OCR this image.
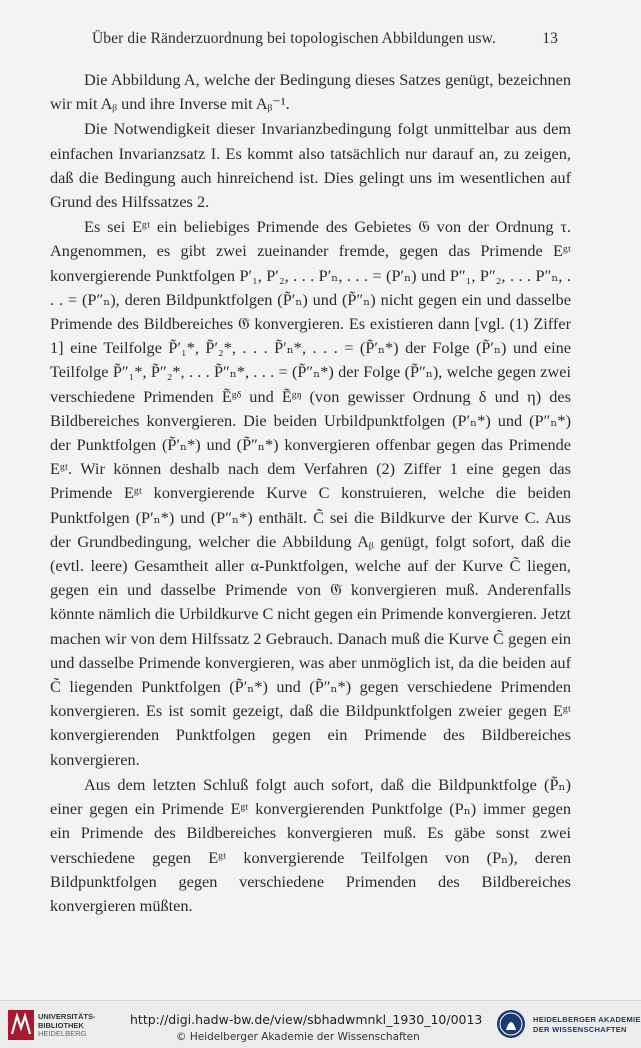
Über die Ränderzuordnung bei topologischen Abbildungen usw.	13

Die Abbildung A, welche der Bedingung dieses Satzes genügt, bezeichnen wir mit Aᵦ und ihre Inverse mit Aᵦ⁻¹.

Die Notwendigkeit dieser Invarianzbedingung folgt unmittelbar aus dem einfachen Invarianzsatz I. Es kommt also tatsächlich nur darauf an, zu zeigen, daß die Bedingung auch hinreichend ist. Dies gelingt uns im wesentlichen auf Grund des Hilfssatzes 2.

Es sei Eᵍᵗ ein beliebiges Primende des Gebietes 𝔊 von der Ordnung τ. Angenommen, es gibt zwei zueinander fremde, gegen das Primende Eᵍᵗ konvergierende Punktfolgen P′₁, P′₂, . . . P′ₙ, . . . = (P′ₙ) und P″₁, P″₂, . . . P″ₙ, . . . = (P″ₙ), deren Bildpunktfolgen (P̃′ₙ) und (P̃″ₙ) nicht gegen ein und dasselbe Primende des Bildbereiches 𝔊̃ konvergieren. Es existieren dann [vgl. (1) Ziffer 1] eine Teilfolge P̃′₁*, P̃′₂*, . . . P̃′ₙ*, . . . = (P̃′ₙ*) der Folge (P̃′ₙ) und eine Teilfolge P̃″₁*, P̃″₂*, . . . P̃″ₙ*, . . . = (P̃″ₙ*) der Folge (P̃″ₙ), welche gegen zwei verschiedene Primenden Ẽᵍᵟ und Ẽᵍᵑ (von gewisser Ordnung δ und η) des Bildbereiches konvergieren. Die beiden Urbildpunktfolgen (P′ₙ*) und (P″ₙ*) der Punktfolgen (P̃′ₙ*) und (P̃″ₙ*) konvergieren offenbar gegen das Primende Eᵍᵗ. Wir können deshalb nach dem Verfahren (2) Ziffer 1 eine gegen das Primende Eᵍᵗ konvergierende Kurve C konstruieren, welche die beiden Punktfolgen (P′ₙ*) und (P″ₙ*) enthält. C̃ sei die Bildkurve der Kurve C. Aus der Grundbedingung, welcher die Abbildung Aᵦ genügt, folgt sofort, daß die (evtl. leere) Gesamtheit aller α-Punktfolgen, welche auf der Kurve C̃ liegen, gegen ein und dasselbe Primende von 𝔊̃ konvergieren muß. Anderenfalls könnte nämlich die Urbildkurve C nicht gegen ein Primende konvergieren. Jetzt machen wir von dem Hilfssatz 2 Gebrauch. Danach muß die Kurve C̃ gegen ein und dasselbe Primende konvergieren, was aber unmöglich ist, da die beiden auf C̃ liegenden Punktfolgen (P̃′ₙ*) und (P̃″ₙ*) gegen verschiedene Primenden konvergieren. Es ist somit gezeigt, daß die Bildpunktfolgen zweier gegen Eᵍᵗ konvergierenden Punktfolgen gegen ein Primende des Bildbereiches konvergieren.

Aus dem letzten Schluß folgt auch sofort, daß die Bildpunktfolge (P̃ₙ) einer gegen ein Primende Eᵍᵗ konvergierenden Punktfolge (Pₙ) immer gegen ein Primende des Bildbereiches konvergieren muß. Es gäbe sonst zwei verschiedene gegen Eᵍᵗ konvergierende Teilfolgen von (Pₙ), deren Bildpunktfolgen gegen verschiedene Primenden des Bildbereiches konvergieren müßten.

UNIVERSITÄTS-
BIBLIOTHEK
HEIDELBERG
http://digi.hadw-bw.de/view/sbhadwmnkl_1930_10/0013
© Heidelberger Akademie der Wissenschaften
HEIDELBERGER AKADEMIE
DER WISSENSCHAFTEN
